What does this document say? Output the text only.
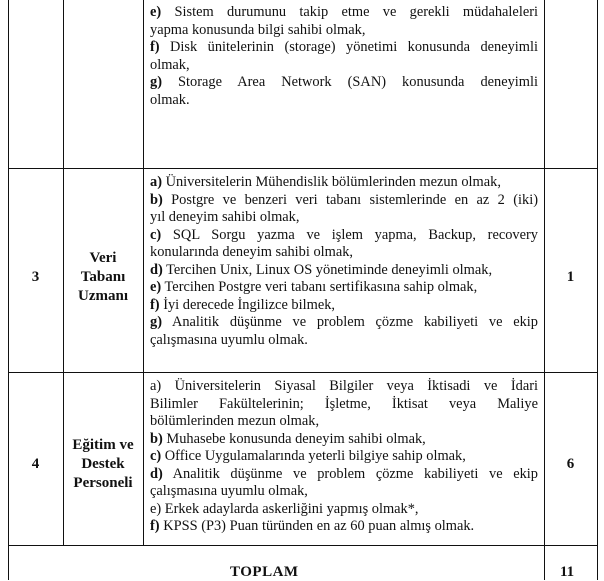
e) Sistem durumunu takip etme ve gerekli müdahaleleri
yapma konusunda bilgi sahibi olmak,
f) Disk ünitelerinin (storage) yönetimi konusunda deneyimli
olmak,
g) Storage Area Network (SAN) konusunda deneyimli
olmak.
3
Veri
Tabanı
Uzmanı
a) Üniversitelerin Mühendislik bölümlerinden mezun olmak,
b) Postgre ve benzeri veri tabanı sistemlerinde en az 2 (iki)
yıl deneyim sahibi olmak,
c) SQL Sorgu yazma ve işlem yapma, Backup, recovery
konularında deneyim sahibi olmak,
d) Tercihen Unix, Linux OS yönetiminde deneyimli olmak,
e) Tercihen Postgre veri tabanı sertifikasına sahip olmak,
f) İyi derecede İngilizce bilmek,
g) Analitik düşünme ve problem çözme kabiliyeti ve ekip
çalışmasına uyumlu olmak.
1
4
Eğitim ve
Destek
Personeli
a) Üniversitelerin Siyasal Bilgiler veya İktisadi ve İdari
Bilimler Fakültelerinin; İşletme, İktisat veya Maliye
bölümlerinden mezun olmak,
b) Muhasebe konusunda deneyim sahibi olmak,
c) Office Uygulamalarında yeterli bilgiye sahip olmak,
d) Analitik düşünme ve problem çözme kabiliyeti ve ekip
çalışmasına uyumlu olmak,
e) Erkek adaylarda askerliğini yapmış olmak*,
f) KPSS (P3) Puan türünden en az 60 puan almış olmak.
6
TOPLAM	11
